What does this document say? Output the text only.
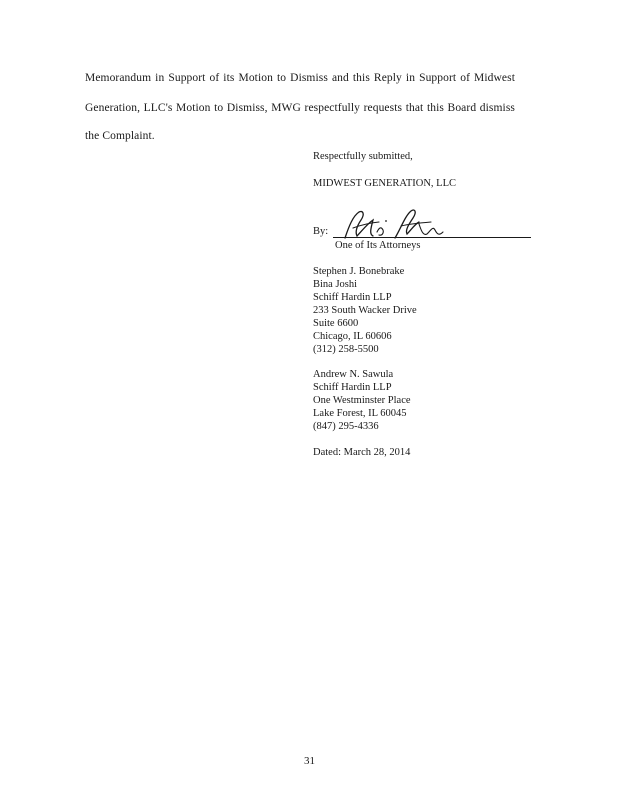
Memorandum in Support of its Motion to Dismiss and this Reply in Support of Midwest
Generation, LLC's Motion to Dismiss, MWG respectfully requests that this Board dismiss
the Complaint.
Respectfully submitted,
MIDWEST GENERATION, LLC
By:
One of Its Attorneys
Stephen J. Bonebrake
Bina Joshi
Schiff Hardin LLP
233 South Wacker Drive
Suite 6600
Chicago, IL 60606
(312) 258-5500
Andrew N. Sawula
Schiff Hardin LLP
One Westminster Place
Lake Forest, IL 60045
(847) 295-4336
Dated: March 28, 2014
31
